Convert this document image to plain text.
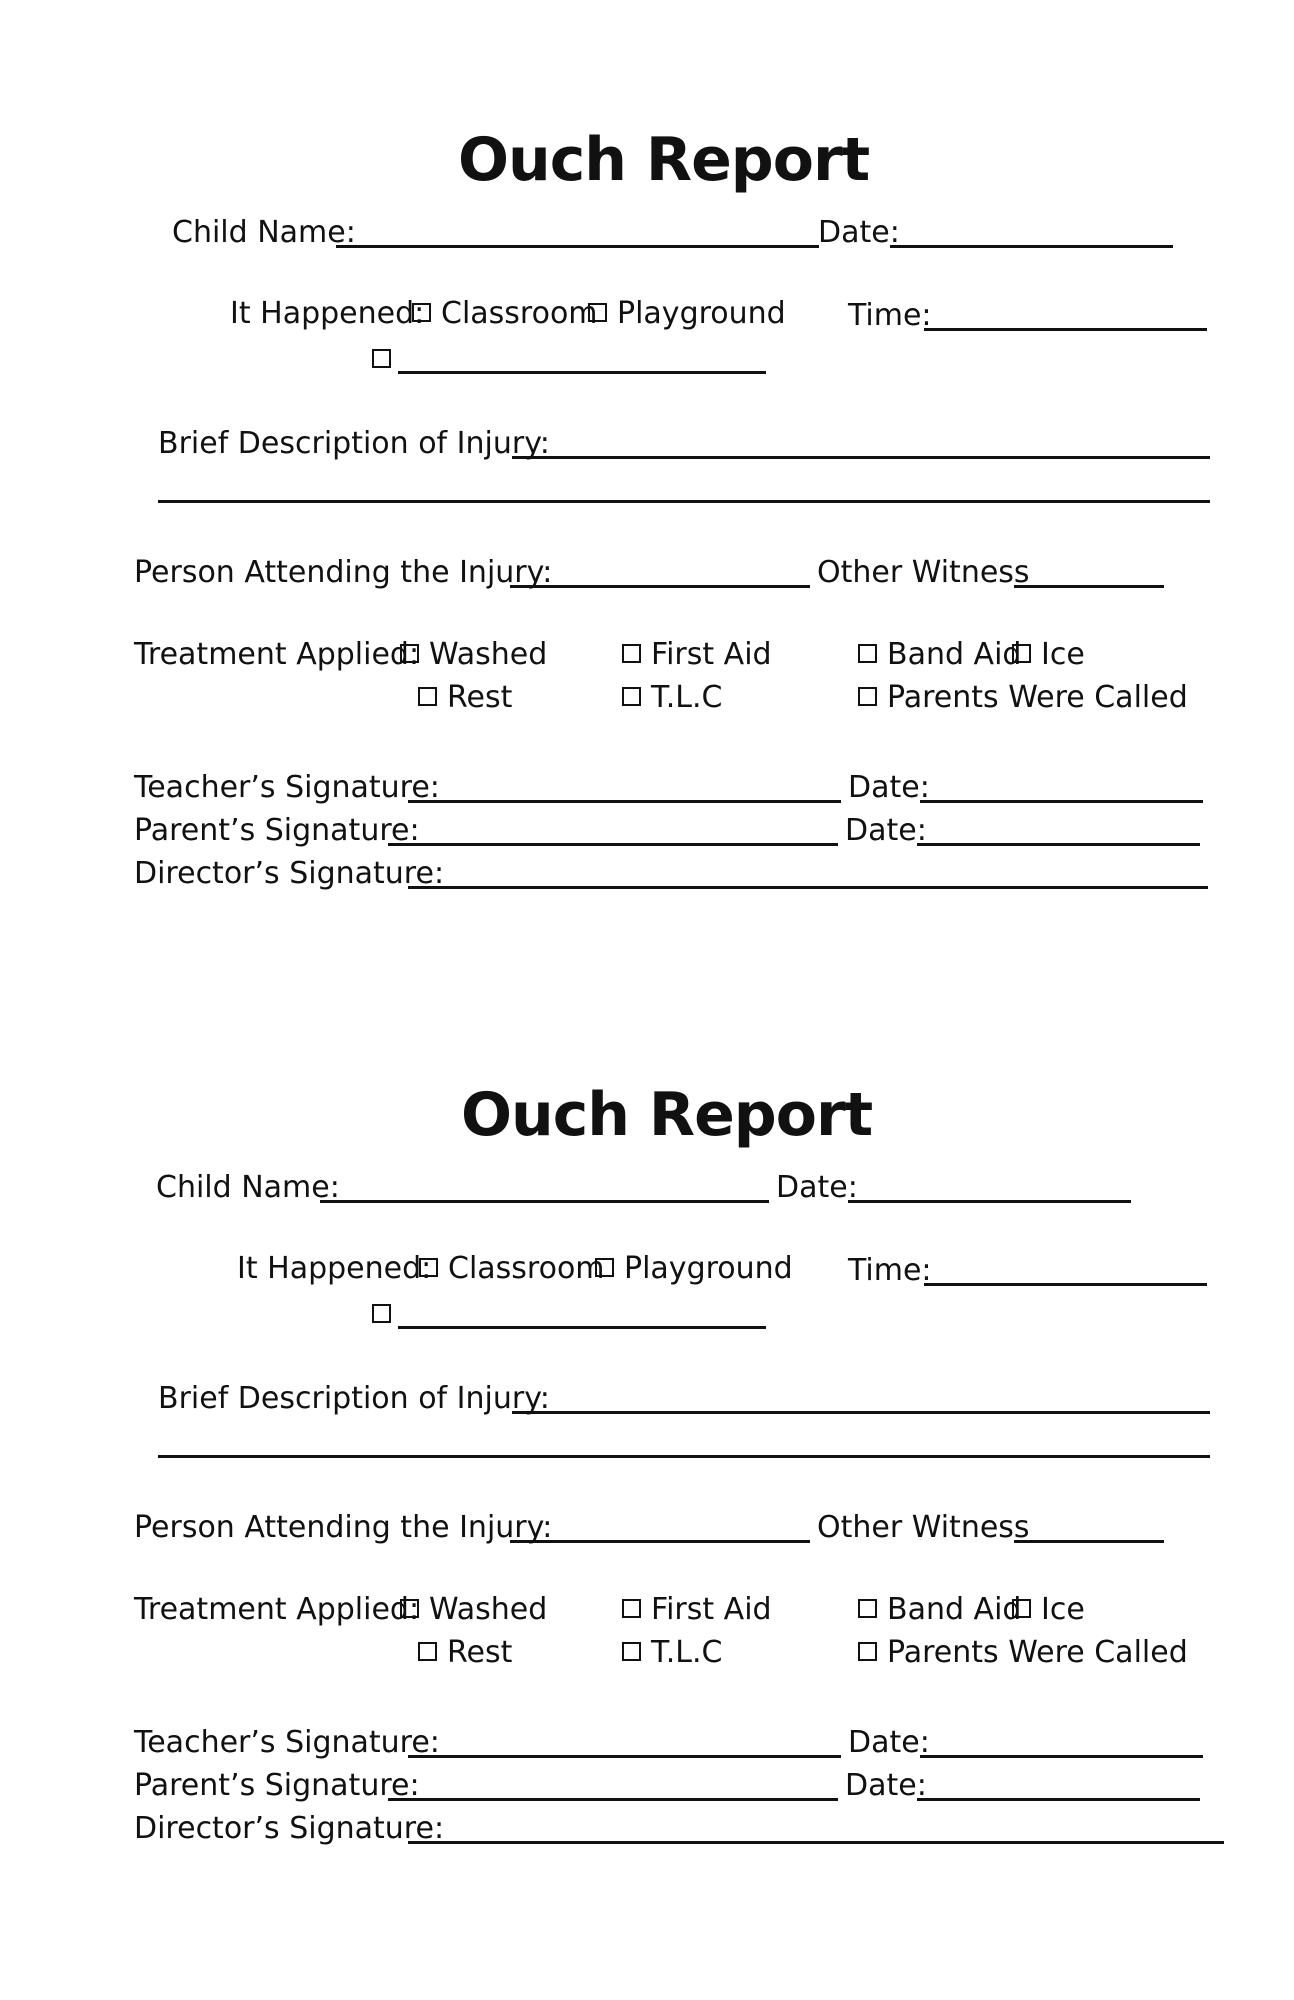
Ouch Report
Child Name:	Date:
It Happened: Classroom Playground Time:
Brief Description of Injury:
Person Attending the Injury:	Other Witness
Treatment Applied: Washed	First Aid	Band Aid Ice
Rest	T.L.C	Parents Were Called
Teacher’s Signature:	Date:
Parent’s Signature:	Date:
Director’s Signature:
Ouch Report
Child Name:	Date:
It Happened: Classroom Playground Time:
Brief Description of Injury:
Person Attending the Injury:	Other Witness
Treatment Applied: Washed	First Aid	Band Aid Ice
Rest	T.L.C	Parents Were Called
Teacher’s Signature:	Date:
Parent’s Signature:	Date:
Director’s Signature:
